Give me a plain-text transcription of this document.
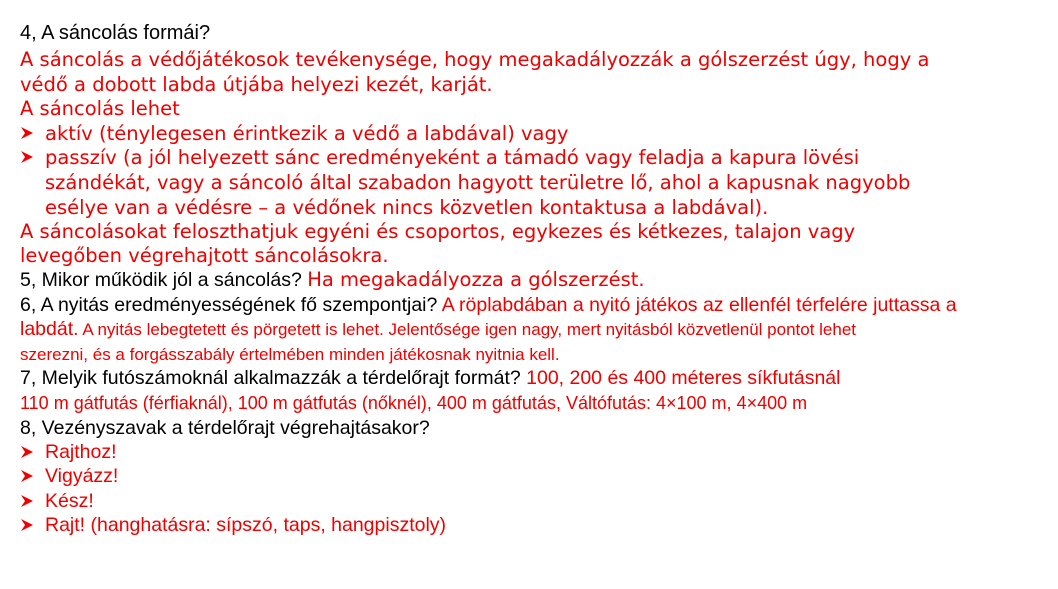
4, A sáncolás formái?
A sáncolás a védőjátékosok tevékenysége, hogy megakadályozzák a gólszerzést úgy, hogy a
védő a dobott labda útjába helyezi kezét, karját.
A sáncolás lehet
aktív (ténylegesen érintkezik a védő a labdával) vagy
passzív (a jól helyezett sánc eredményeként a támadó vagy feladja a kapura lövési
szándékát, vagy a sáncoló által szabadon hagyott területre lő, ahol a kapusnak nagyobb
esélye van a védésre – a védőnek nincs közvetlen kontaktusa a labdával).
A sáncolásokat feloszthatjuk egyéni és csoportos, egykezes és kétkezes, talajon vagy
levegőben végrehajtott sáncolásokra.
5, Mikor működik jól a sáncolás? Ha megakadályozza a gólszerzést.
6, A nyitás eredményességének fő szempontjai? A röplabdában a nyitó játékos az ellenfél térfelére juttassa a
labdát. A nyitás lebegtetett és pörgetett is lehet. Jelentősége igen nagy, mert nyitásból közvetlenül pontot lehet
szerezni, és a forgásszabály értelmében minden játékosnak nyitnia kell.
7, Melyik futószámoknál alkalmazzák a térdelőrajt formát? 100, 200 és 400 méteres síkfutásnál
110 m gátfutás (férfiaknál), 100 m gátfutás (nőknél), 400 m gátfutás, Váltófutás: 4×100 m, 4×400 m
8, Vezényszavak a térdelőrajt végrehajtásakor?
Rajthoz!
Vigyázz!
Kész!
Rajt! (hanghatásra: sípszó, taps, hangpisztoly)
